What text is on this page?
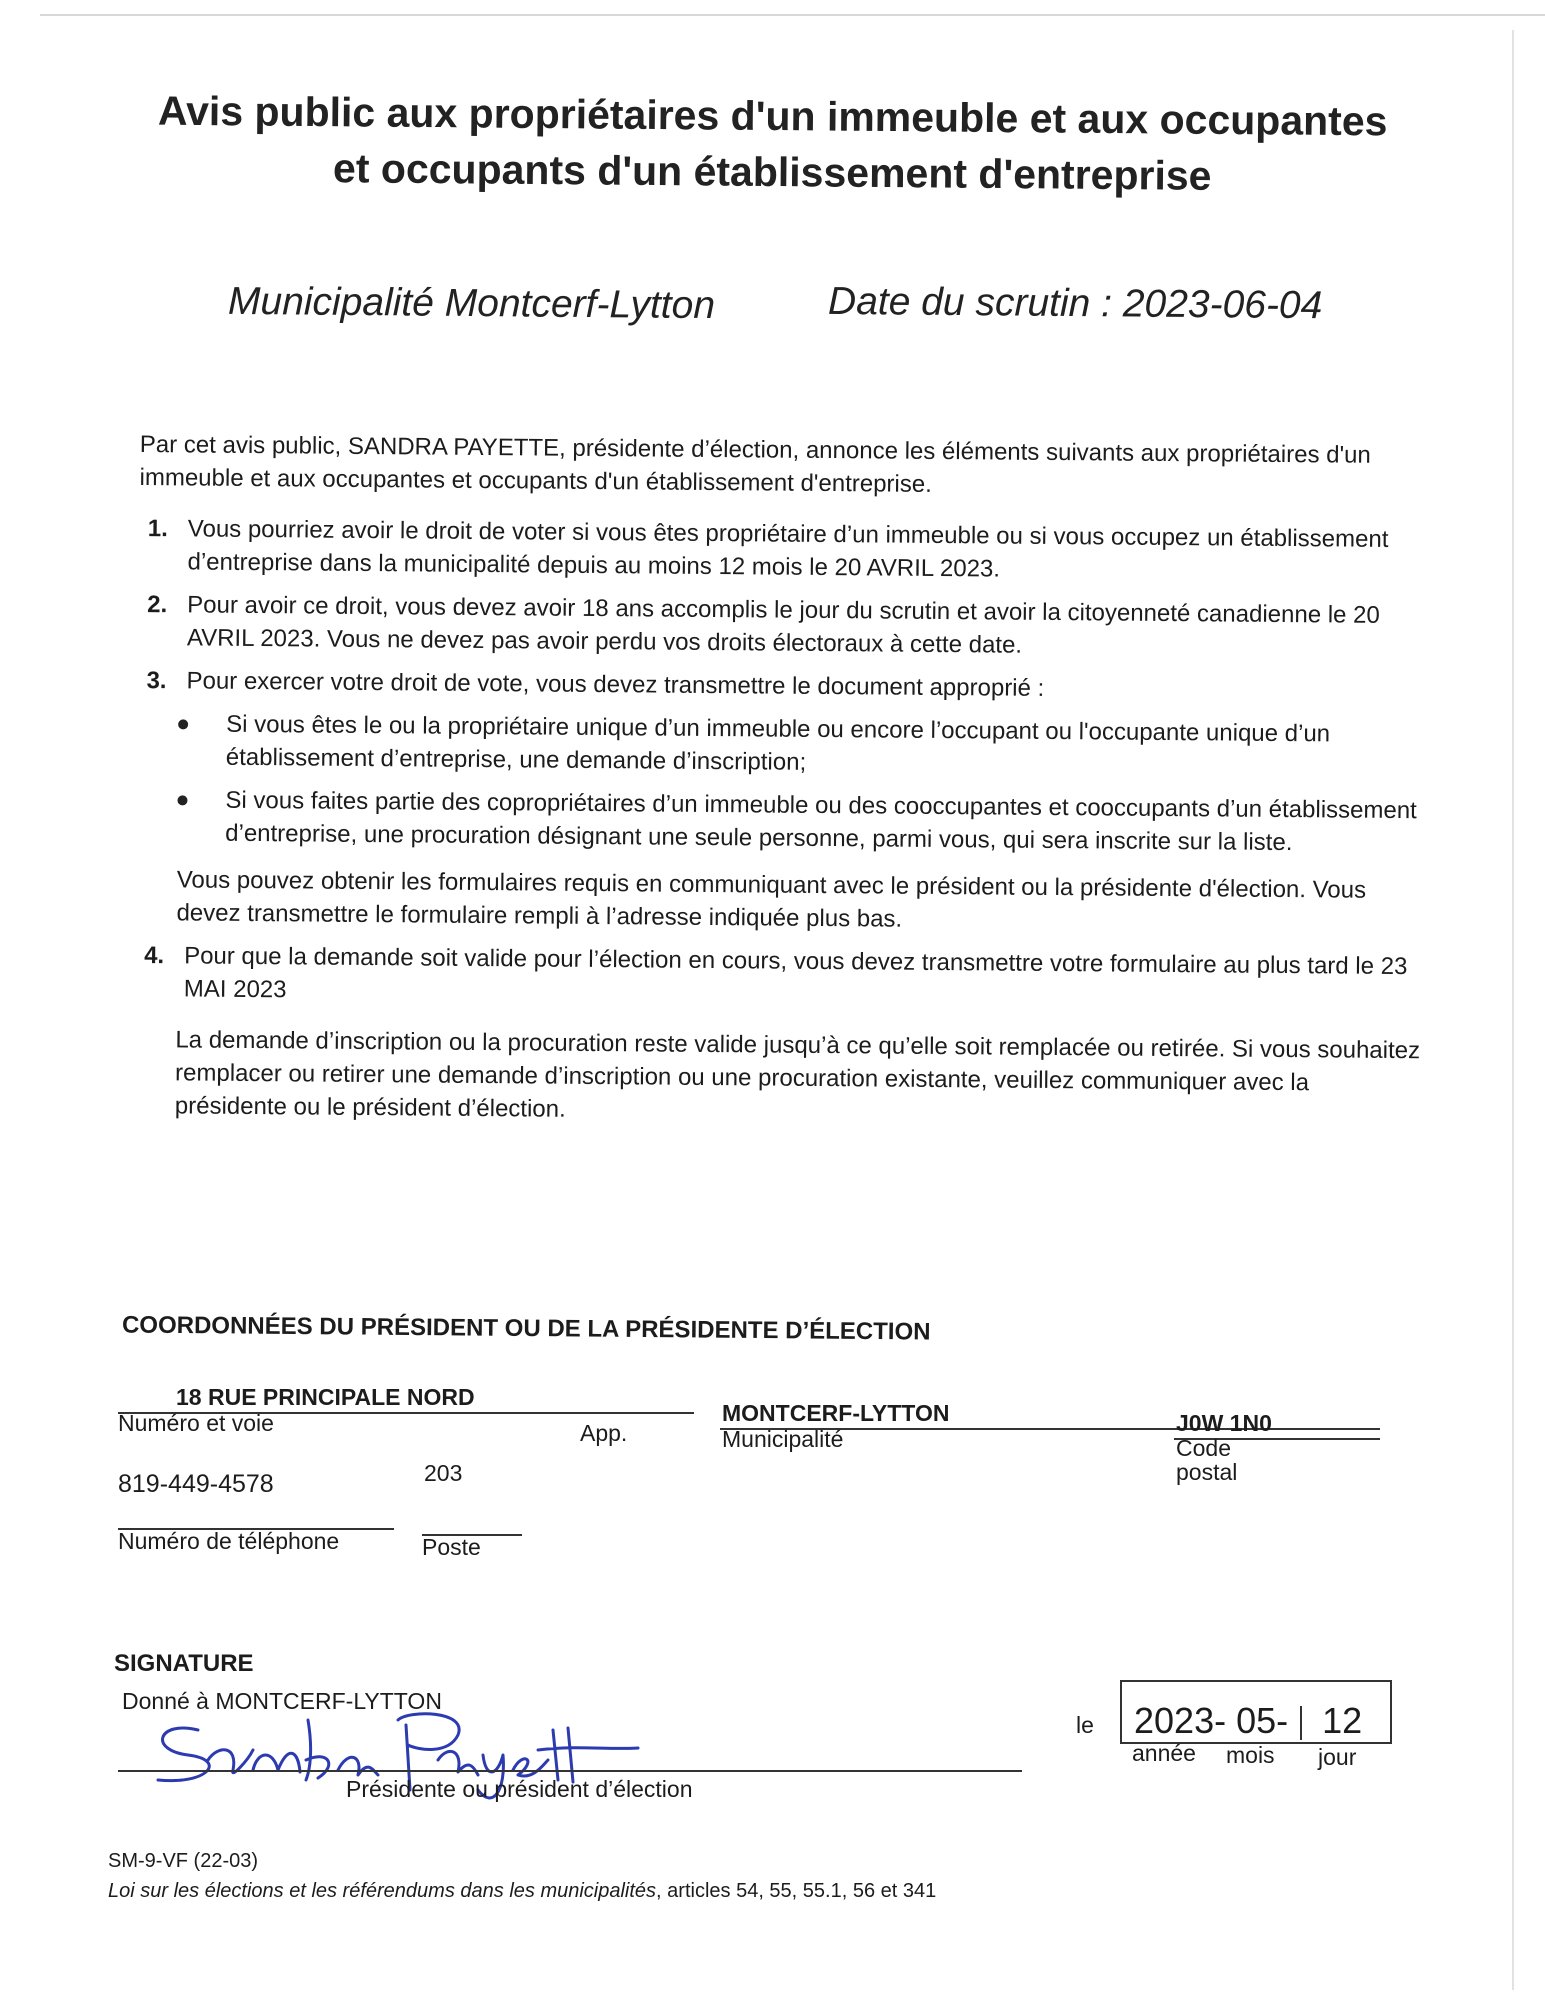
Avis public aux propriétaires d'un immeuble et aux occupantes
et occupants d'un établissement d'entreprise
Municipalité Montcerf-Lytton	Date du scrutin : 2023-06-04
Par cet avis public, SANDRA PAYETTE, présidente d’élection, annonce les éléments suivants aux propriétaires d'un immeuble et aux occupantes et occupants d'un établissement d'entreprise.
1. Vous pourriez avoir le droit de voter si vous êtes propriétaire d’un immeuble ou si vous occupez un établissement d’entreprise dans la municipalité depuis au moins 12 mois le 20 AVRIL 2023.
2. Pour avoir ce droit, vous devez avoir 18 ans accomplis le jour du scrutin et avoir la citoyenneté canadienne le 20 AVRIL 2023. Vous ne devez pas avoir perdu vos droits électoraux à cette date.
3. Pour exercer votre droit de vote, vous devez transmettre le document approprié :
Si vous êtes le ou la propriétaire unique d’un immeuble ou encore l’occupant ou l'occupante unique d’un établissement d’entreprise, une demande d’inscription;
Si vous faites partie des copropriétaires d’un immeuble ou des cooccupantes et cooccupants d’un établissement d’entreprise, une procuration désignant une seule personne, parmi vous, qui sera inscrite sur la liste.
Vous pouvez obtenir les formulaires requis en communiquant avec le président ou la présidente d'élection. Vous devez transmettre le formulaire rempli à l’adresse indiquée plus bas.
4. Pour que la demande soit valide pour l’élection en cours, vous devez transmettre votre formulaire au plus tard le 23 MAI 2023
La demande d’inscription ou la procuration reste valide jusqu’à ce qu’elle soit remplacée ou retirée. Si vous souhaitez remplacer ou retirer une demande d’inscription ou une procuration existante, veuillez communiquer avec la présidente ou le président d’élection.
COORDONNÉES DU PRÉSIDENT OU DE LA PRÉSIDENTE D’ÉLECTION
18 RUE PRINCIPALE NORD
Numéro et voie	App.
MONTCERF-LYTTON
Municipalité
J0W 1N0
Code
postal
819-449-4578	203
Numéro de téléphone	Poste
SIGNATURE
Donné à MONTCERF-LYTTON
Présidente ou président d’élection
le 2023- 05- 12
année mois jour
SM-9-VF (22-03)
Loi sur les élections et les référendums dans les municipalités, articles 54, 55, 55.1, 56 et 341
